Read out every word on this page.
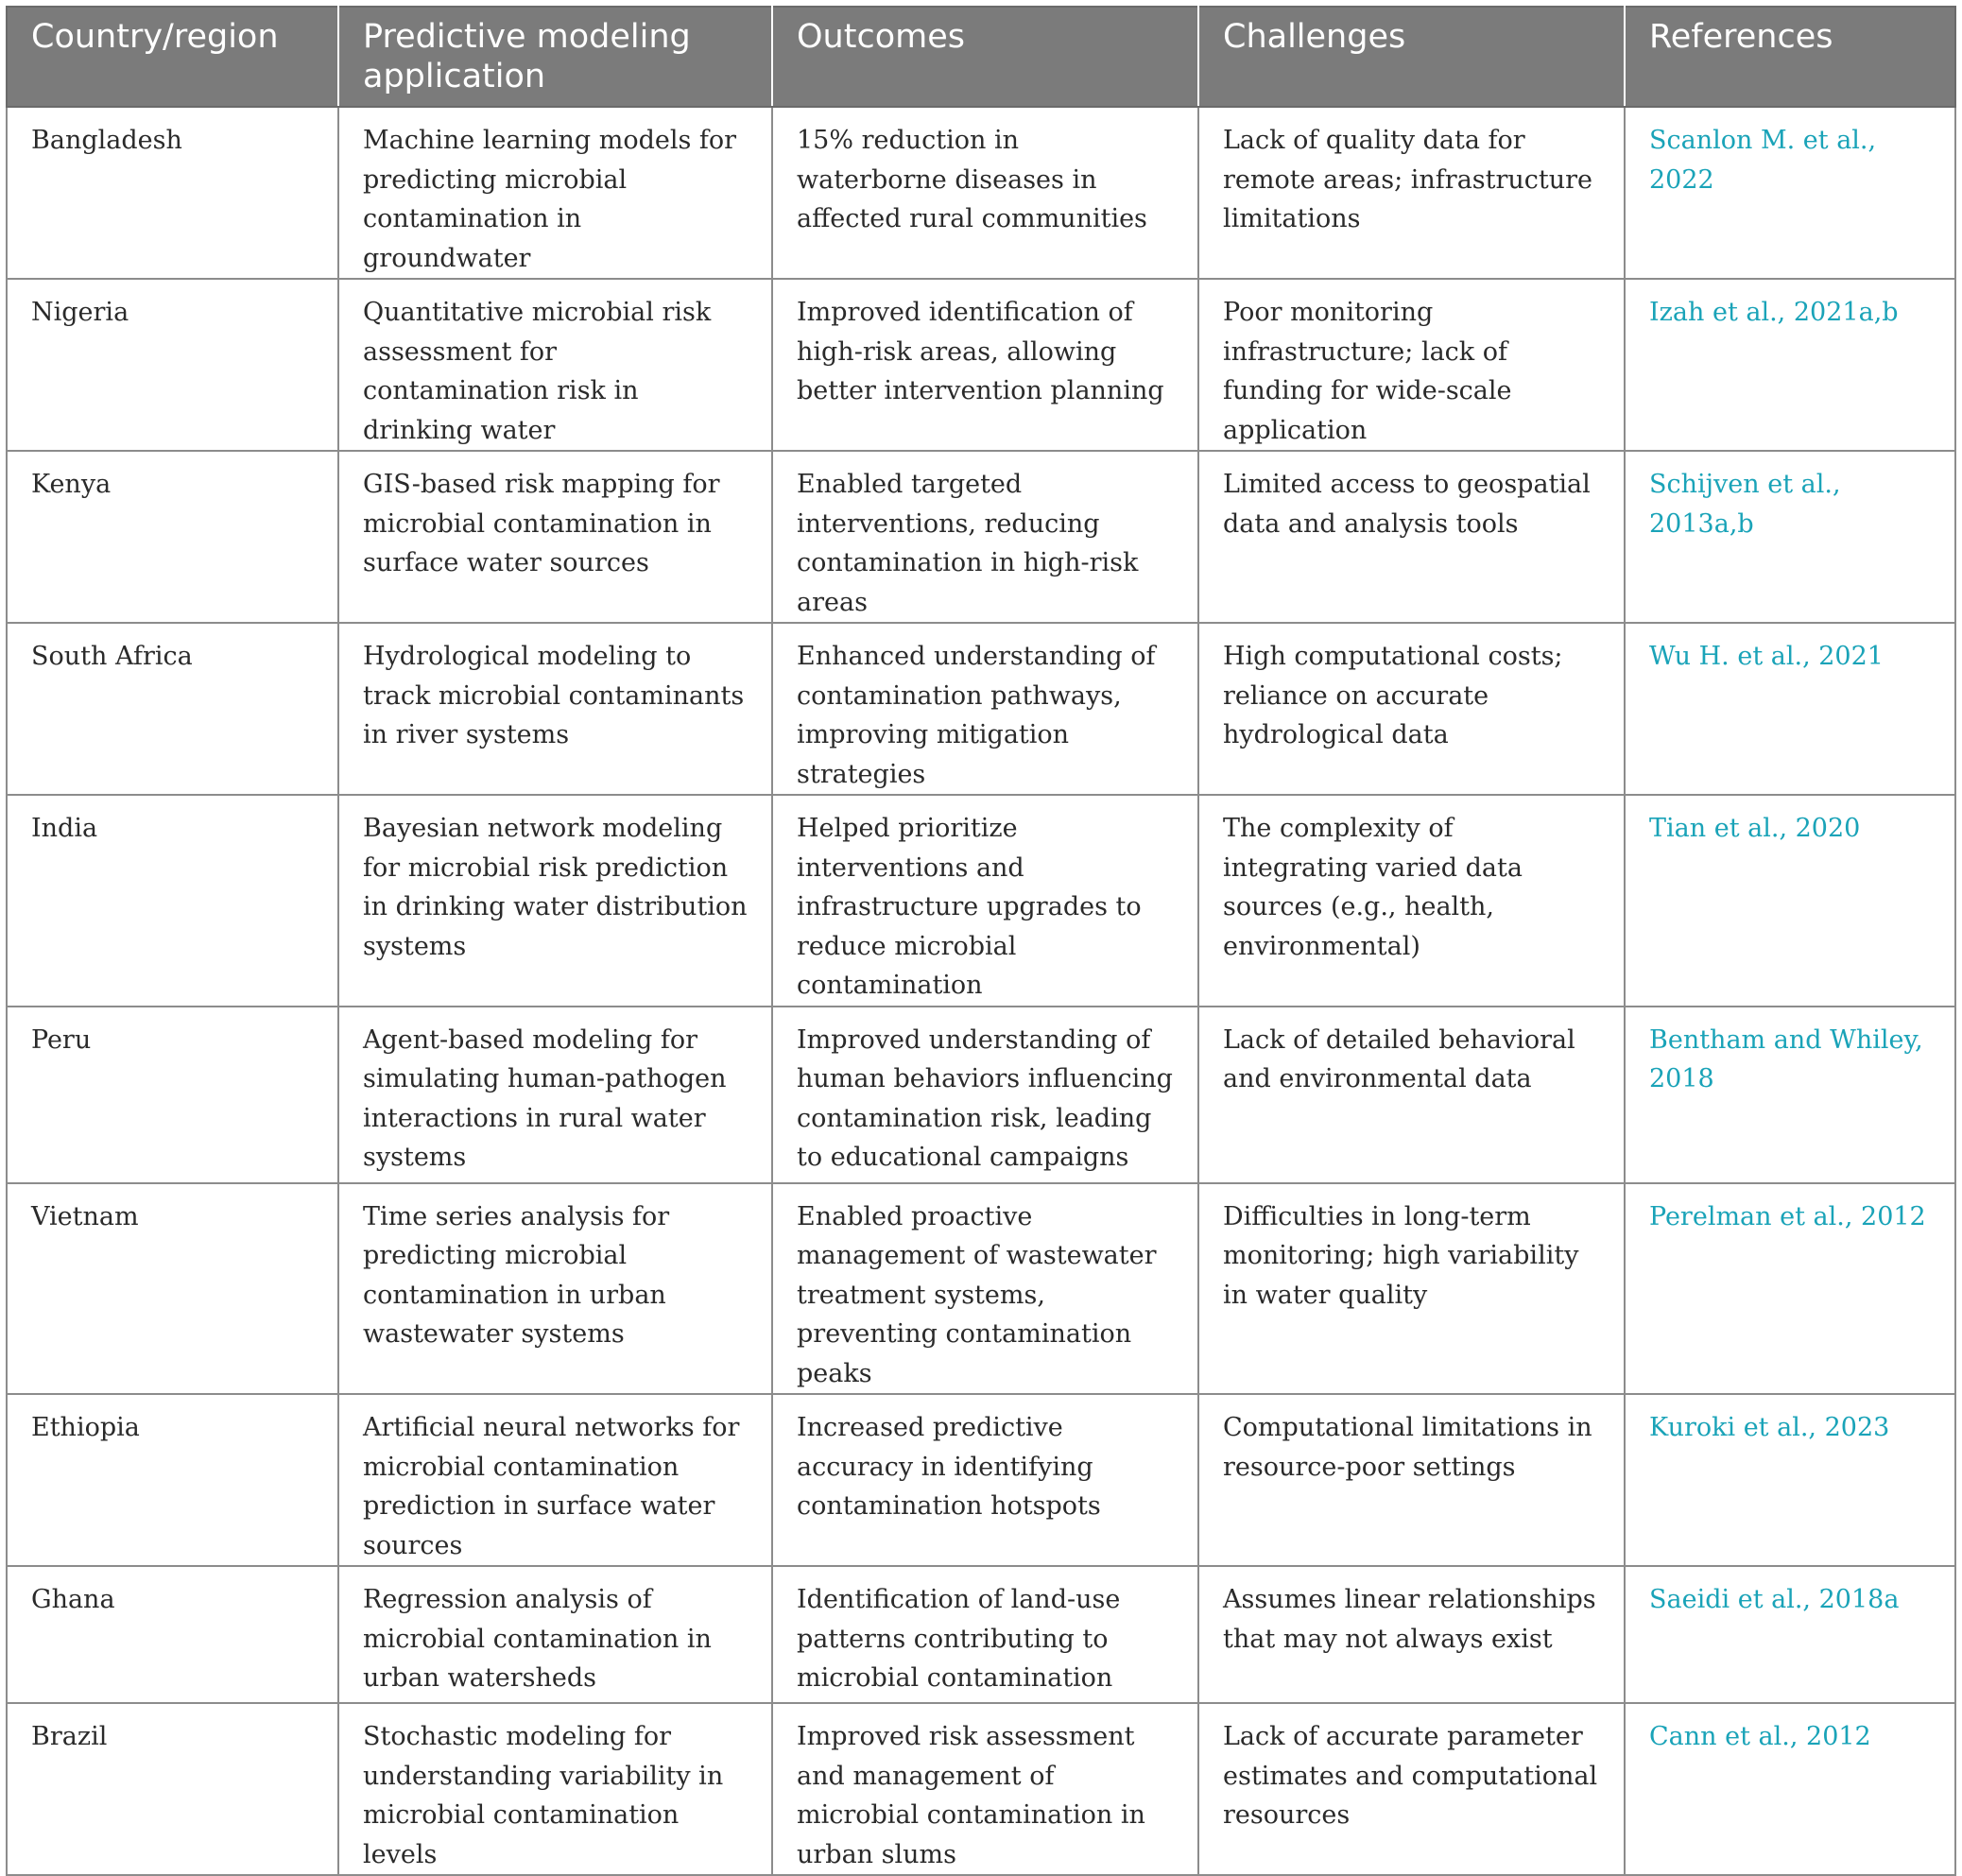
Country/region	Predictive modeling application	Outcomes	Challenges	References
Bangladesh	Machine learning models for predicting microbial contamination in groundwater	15% reduction in waterborne diseases in affected rural communities	Lack of quality data for remote areas; infrastructure limitations	Scanlon M. et al., 2022
Nigeria	Quantitative microbial risk assessment for contamination risk in drinking water	Improved identification of high-risk areas, allowing better intervention planning	Poor monitoring infrastructure; lack of funding for wide-scale application	Izah et al., 2021a,b
Kenya	GIS-based risk mapping for microbial contamination in surface water sources	Enabled targeted interventions, reducing contamination in high-risk areas	Limited access to geospatial data and analysis tools	Schijven et al., 2013a,b
South Africa	Hydrological modeling to track microbial contaminants in river systems	Enhanced understanding of contamination pathways, improving mitigation strategies	High computational costs; reliance on accurate hydrological data	Wu H. et al., 2021
India	Bayesian network modeling for microbial risk prediction in drinking water distribution systems	Helped prioritize interventions and infrastructure upgrades to reduce microbial contamination	The complexity of integrating varied data sources (e.g., health, environmental)	Tian et al., 2020
Peru	Agent-based modeling for simulating human-pathogen interactions in rural water systems	Improved understanding of human behaviors influencing contamination risk, leading to educational campaigns	Lack of detailed behavioral and environmental data	Bentham and Whiley, 2018
Vietnam	Time series analysis for predicting microbial contamination in urban wastewater systems	Enabled proactive management of wastewater treatment systems, preventing contamination peaks	Difficulties in long-term monitoring; high variability in water quality	Perelman et al., 2012
Ethiopia	Artificial neural networks for microbial contamination prediction in surface water sources	Increased predictive accuracy in identifying contamination hotspots	Computational limitations in resource-poor settings	Kuroki et al., 2023
Ghana	Regression analysis of microbial contamination in urban watersheds	Identification of land-use patterns contributing to microbial contamination	Assumes linear relationships that may not always exist	Saeidi et al., 2018a
Brazil	Stochastic modeling for understanding variability in microbial contamination levels	Improved risk assessment and management of microbial contamination in urban slums	Lack of accurate parameter estimates and computational resources	Cann et al., 2012
